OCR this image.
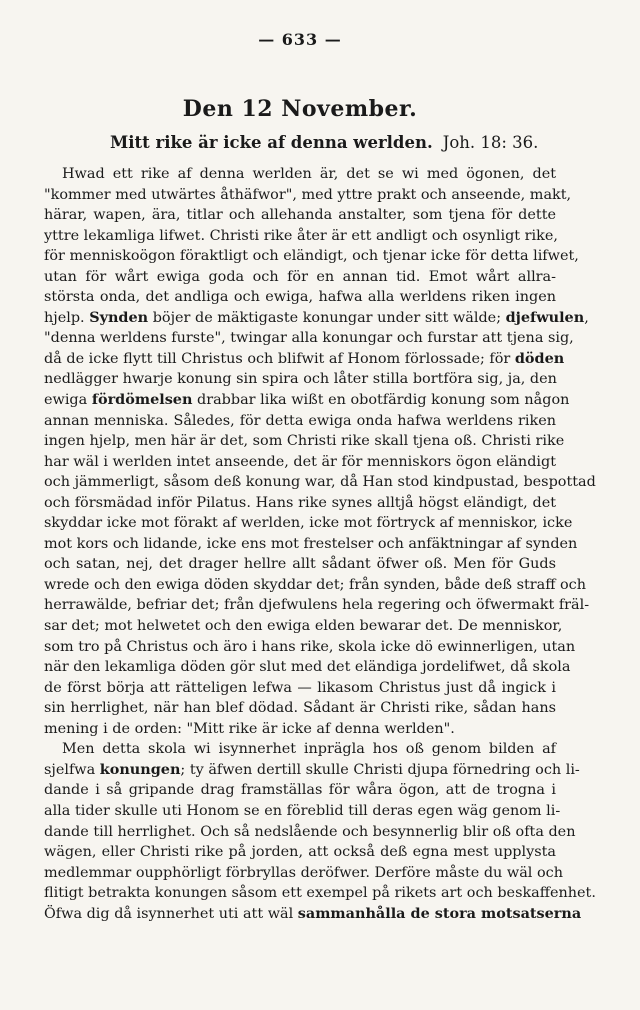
— 633 —
Den 12 November.
Mitt rike är icke af denna werlden. Joh. 18: 36.
Hwad ett rike af denna werlden är, det se wi med ögonen, det
"kommer med utwärtes åthäfwor", med yttre prakt och anseende, makt,
härar, wapen, ära, titlar och allehanda anstalter, som tjena för dette
yttre lekamliga lifwet. Christi rike åter är ett andligt och osynligt rike,
för menniskoögon föraktligt och eländigt, och tjenar icke för detta lifwet,
utan för wårt ewiga goda och för en annan tid. Emot wårt allra-
största onda, det andliga och ewiga, hafwa alla werldens riken ingen
hjelp. Synden böjer de mäktigaste konungar under sitt wälde; djefwulen,
"denna werldens furste", twingar alla konungar och furstar att tjena sig,
då de icke flytt till Christus och blifwit af Honom förlossade; för döden
nedlägger hwarje konung sin spira och låter stilla bortföra sig, ja, den
ewiga fördömelsen drabbar lika wißt en obotfärdig konung som någon
annan menniska. Således, för detta ewiga onda hafwa werldens riken
ingen hjelp, men här är det, som Christi rike skall tjena oß. Christi rike
har wäl i werlden intet anseende, det är för menniskors ögon eländigt
och jämmerligt, såsom deß konung war, då Han stod kindpustad, bespottad
och försmädad inför Pilatus. Hans rike synes alltjå högst eländigt, det
skyddar icke mot förakt af werlden, icke mot förtryck af menniskor, icke
mot kors och lidande, icke ens mot frestelser och anfäktningar af synden
och satan, nej, det drager hellre allt sådant öfwer oß. Men för Guds
wrede och den ewiga döden skyddar det; från synden, både deß straff och
herrawälde, befriar det; från djefwulens hela regering och öfwermakt fräl-
sar det; mot helwetet och den ewiga elden bewarar det. De menniskor,
som tro på Christus och äro i hans rike, skola icke dö ewinnerligen, utan
när den lekamliga döden gör slut med det eländiga jordelifwet, då skola
de först börja att rätteligen lefwa — likasom Christus just då ingick i
sin herrlighet, när han blef dödad. Sådant är Christi rike, sådan hans
mening i de orden: "Mitt rike är icke af denna werlden".
Men detta skola wi isynnerhet inprägla hos oß genom bilden af
sjelfwa konungen; ty äfwen dertill skulle Christi djupa förnedring och li-
dande i så gripande drag framställas för wåra ögon, att de trogna i
alla tider skulle uti Honom se en föreblid till deras egen wäg genom li-
dande till herrlighet. Och så nedslående och besynnerlig blir oß ofta den
wägen, eller Christi rike på jorden, att också deß egna mest upplysta
medlemmar oupphörligt förbryllas deröfwer. Derföre måste du wäl och
flitigt betrakta konungen såsom ett exempel på rikets art och beskaffenhet.
Öfwa dig då isynnerhet uti att wäl sammanhålla de stora motsatserna
